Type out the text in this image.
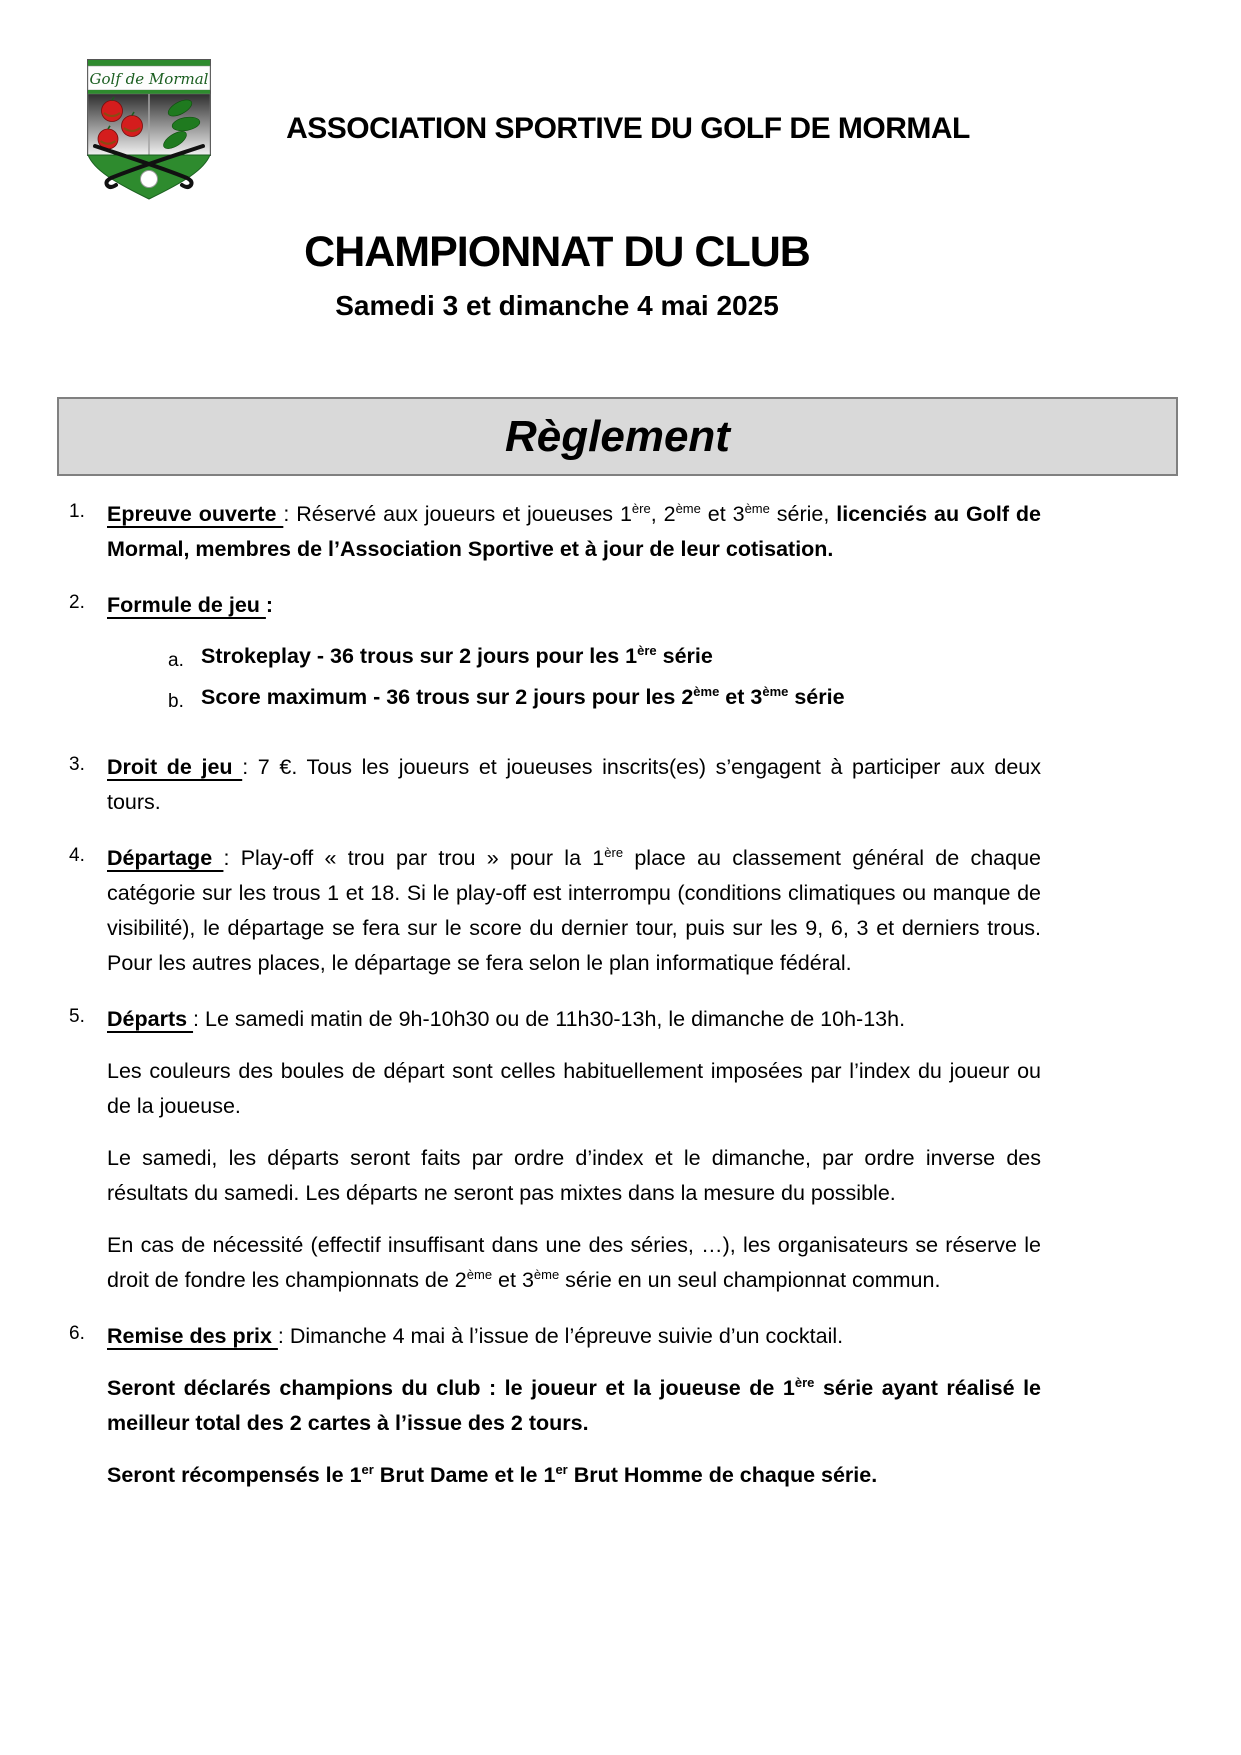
Golf de Mormal
ASSOCIATION SPORTIVE DU GOLF DE MORMAL
CHAMPIONNAT DU CLUB
Samedi 3 et dimanche 4 mai 2025
Règlement
1.	Epreuve ouverte : Réservé aux joueurs et joueuses 1ère, 2ème et 3ème série, licenciés au Golf de Mormal, membres de l’Association Sportive et à jour de leur cotisation.

2.	Formule de jeu :

a. Strokeplay - 36 trous sur 2 jours pour les 1ère série
b. Score maximum - 36 trous sur 2 jours pour les 2ème et 3ème série
3.	Droit de jeu : 7 €. Tous les joueurs et joueuses inscrits(es) s’engagent à participer aux deux tours.

4.	Départage : Play-off « trou par trou » pour la 1ère place au classement général de chaque catégorie sur les trous 1 et 18. Si le play-off est interrompu (conditions climatiques ou manque de visibilité), le départage se fera sur le score du dernier tour, puis sur les 9, 6, 3 et derniers trous. Pour les autres places, le départage se fera selon le plan informatique fédéral.

5.	Départs : Le samedi matin de 9h-10h30 ou de 11h30-13h, le dimanche de 10h-13h.

Les couleurs des boules de départ sont celles habituellement imposées par l’index du joueur ou de la joueuse.

Le samedi, les départs seront faits par ordre d’index et le dimanche, par ordre inverse des résultats du samedi. Les départs ne seront pas mixtes dans la mesure du possible.

En cas de nécessité (effectif insuffisant dans une des séries, …), les organisateurs se réserve le droit de fondre les championnats de 2ème et 3ème série en un seul championnat commun.

6.	Remise des prix : Dimanche 4 mai à l’issue de l’épreuve suivie d’un cocktail.

Seront déclarés champions du club : le joueur et la joueuse de 1ère série ayant réalisé le meilleur total des 2 cartes à l’issue des 2 tours.

Seront récompensés le 1er Brut Dame et le 1er Brut Homme de chaque série.
